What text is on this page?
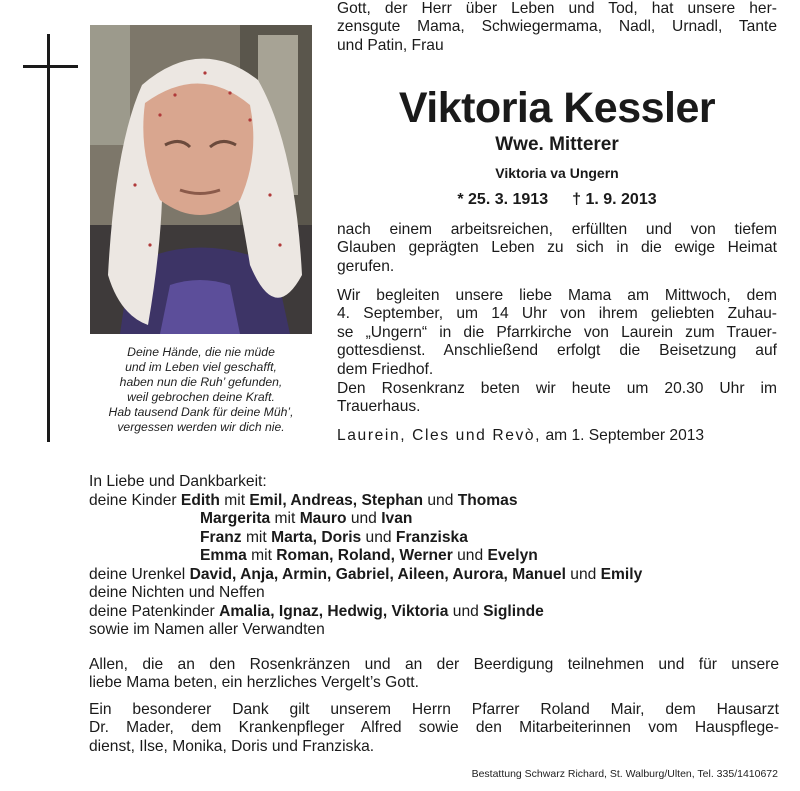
Deine Hände, die nie müde
und im Leben viel geschafft,
haben nun die Ruh’ gefunden,
weil gebrochen deine Kraft.
Hab tausend Dank für deine Müh’,
vergessen werden wir dich nie.
Gott, der Herr über Leben und Tod, hat unsere her-
zensgute Mama, Schwiegermama, Nadl, Urnadl, Tante
und Patin, Frau
Viktoria Kessler
Wwe. Mitterer
Viktoria va Ungern
* 25. 3. 1913 † 1. 9. 2013
nach einem arbeitsreichen, erfüllten und von tiefem
Glauben geprägten Leben zu sich in die ewige Heimat
gerufen.
Wir begleiten unsere liebe Mama am Mittwoch, dem
4. September, um 14 Uhr von ihrem geliebten Zuhau-
se „Ungern“ in die Pfarrkirche von Laurein zum Trauer-
gottesdienst. Anschließend erfolgt die Beisetzung auf
dem Friedhof.
Den Rosenkranz beten wir heute um 20.30 Uhr im
Trauerhaus.
Laurein, Cles und Revò, am 1. September 2013
In Liebe und Dankbarkeit:
deine Kinder Edith mit Emil, Andreas, Stephan und Thomas
Margerita mit Mauro und Ivan
Franz mit Marta, Doris und Franziska
Emma mit Roman, Roland, Werner und Evelyn
deine Urenkel David, Anja, Armin, Gabriel, Aileen, Aurora, Manuel und Emily
deine Nichten und Neffen
deine Patenkinder Amalia, Ignaz, Hedwig, Viktoria und Siglinde
sowie im Namen aller Verwandten
Allen, die an den Rosenkränzen und an der Beerdigung teilnehmen und für unsere
liebe Mama beten, ein herzliches Vergelt’s Gott.
Ein besonderer Dank gilt unserem Herrn Pfarrer Roland Mair, dem Hausarzt
Dr. Mader, dem Krankenpfleger Alfred sowie den Mitarbeiterinnen vom Hauspflege-
dienst, Ilse, Monika, Doris und Franziska.
Bestattung Schwarz Richard, St. Walburg/Ulten, Tel. 335/1410672
